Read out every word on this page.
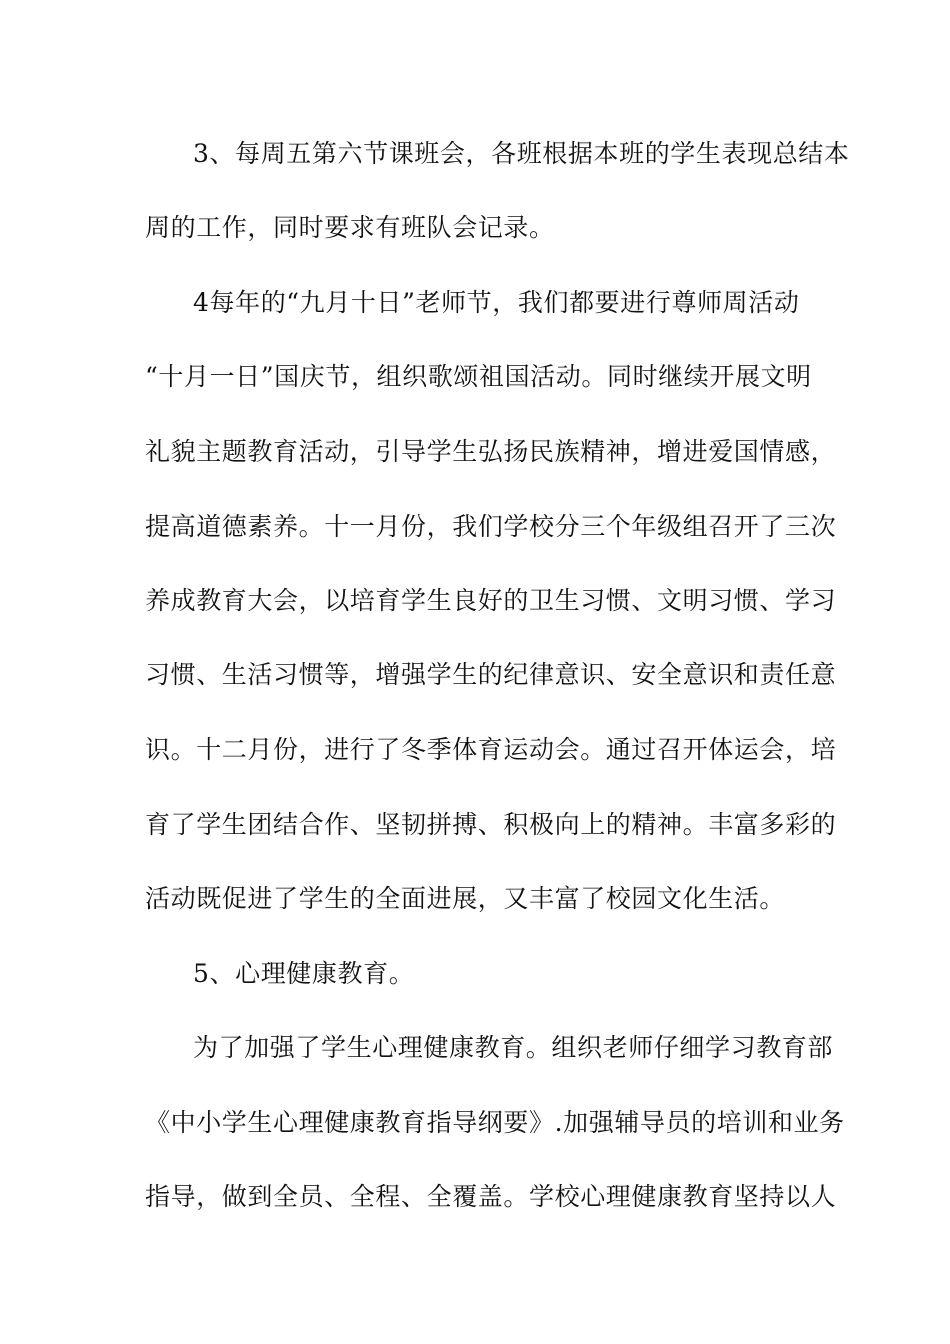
3、每周五第六节课班会，各班根据本班的学生表现总结本
周的工作，同时要求有班队会记录。
4每年的“九月十日”老师节，我们都要进行尊师周活动
“十月一日”国庆节，组织歌颂祖国活动。同时继续开展文明
礼貌主题教育活动，引导学生弘扬民族精神，增进爱国情感，
提高道德素养。十一月份，我们学校分三个年级组召开了三次
养成教育大会，以培育学生良好的卫生习惯、文明习惯、学习
习惯、生活习惯等，增强学生的纪律意识、安全意识和责任意
识。十二月份，进行了冬季体育运动会。通过召开体运会，培
育了学生团结合作、坚韧拼搏、积极向上的精神。丰富多彩的
活动既促进了学生的全面进展，又丰富了校园文化生活。
5、心理健康教育。
为了加强了学生心理健康教育。组织老师仔细学习教育部
《中小学生心理健康教育指导纲要》.加强辅导员的培训和业务
指导，做到全员、全程、全覆盖。学校心理健康教育坚持以人
